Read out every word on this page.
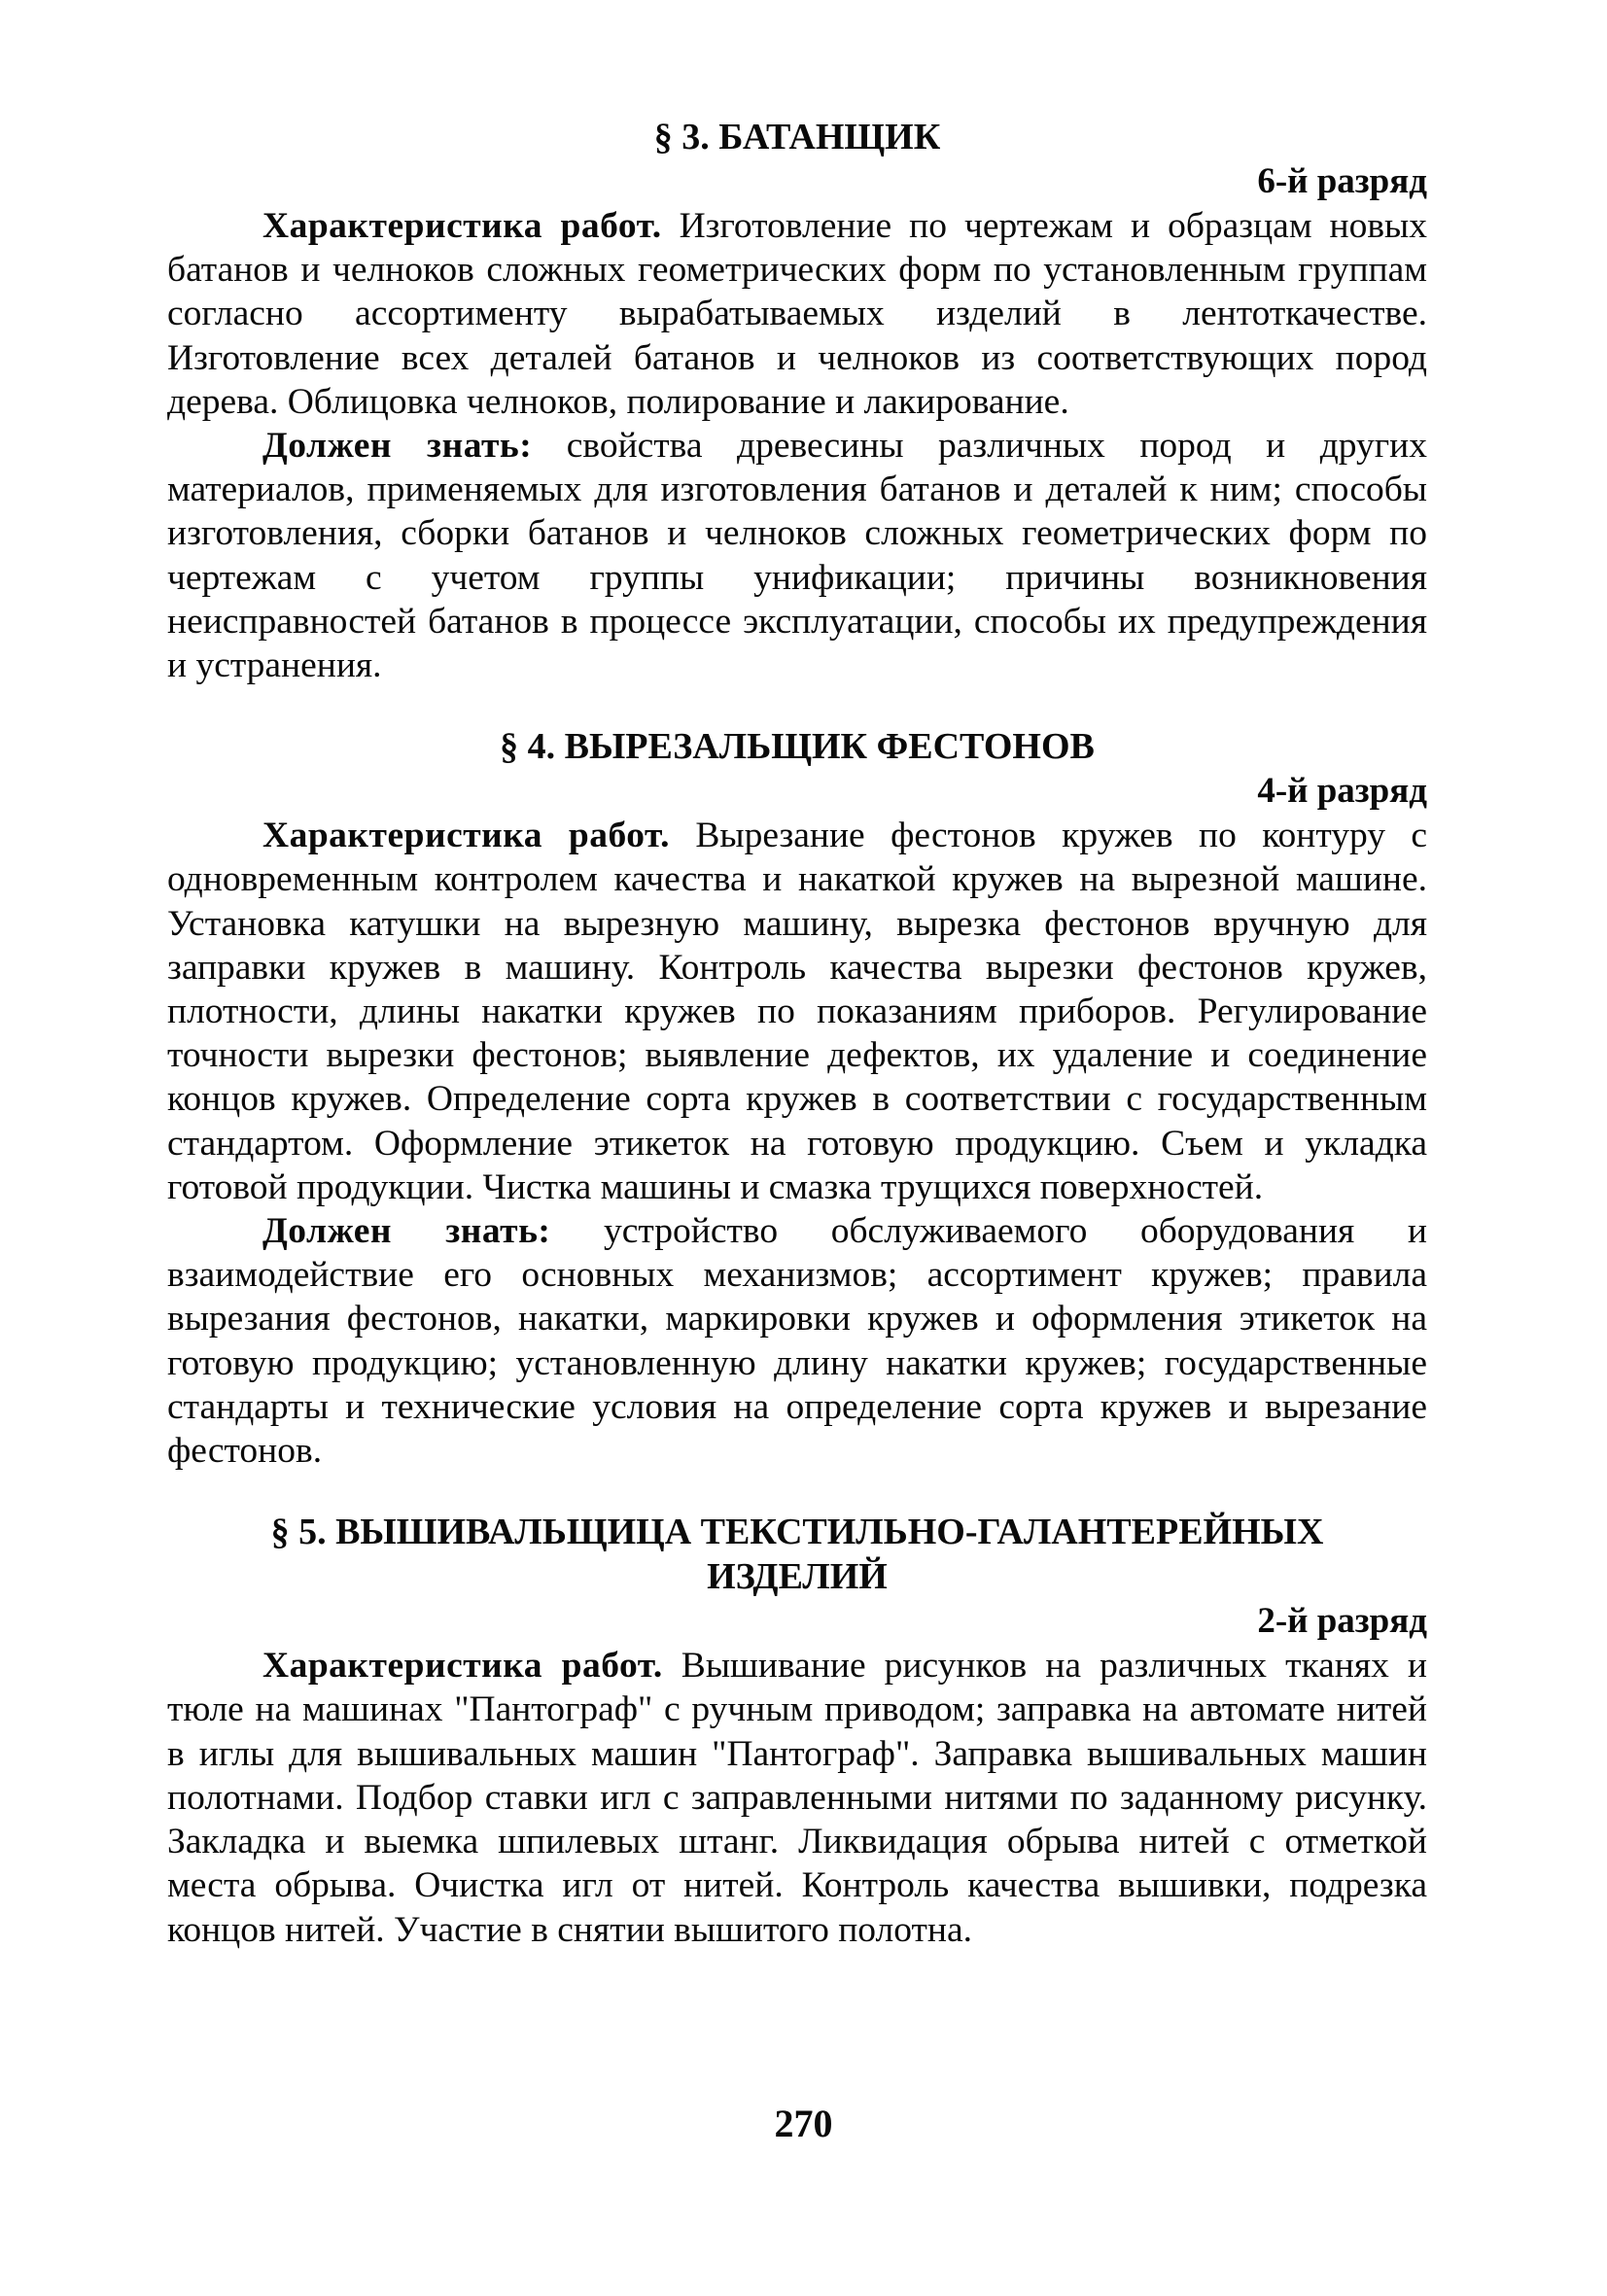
§ 3. БАТАНЩИК
6-й разряд

Характеристика работ. Изготовление по чертежам и образцам новых батанов и челноков сложных геометрических форм по установленным группам согласно ассортименту вырабатываемых изделий в лентоткачестве. Изготовление всех деталей батанов и челноков из соответствующих пород дерева. Облицовка челноков, полирование и лакирование.

Должен знать: свойства древесины различных пород и других материалов, применяемых для изготовления батанов и деталей к ним; способы изготовления, сборки батанов и челноков сложных геометрических форм по чертежам с учетом группы унификации; причины возникновения неисправностей батанов в процессе эксплуатации, способы их предупреждения и устранения.

§ 4. ВЫРЕЗАЛЬЩИК ФЕСТОНОВ
4-й разряд

Характеристика работ. Вырезание фестонов кружев по контуру с одновременным контролем качества и накаткой кружев на вырезной машине. Установка катушки на вырезную машину, вырезка фестонов вручную для заправки кружев в машину. Контроль качества вырезки фестонов кружев, плотности, длины накатки кружев по показаниям приборов. Регулирование точности вырезки фестонов; выявление дефектов, их удаление и соединение концов кружев. Определение сорта кружев в соответствии с государственным стандартом. Оформление этикеток на готовую продукцию. Съем и укладка готовой продукции. Чистка машины и смазка трущихся поверхностей.

Должен знать: устройство обслуживаемого оборудования и взаимодействие его основных механизмов; ассортимент кружев; правила вырезания фестонов, накатки, маркировки кружев и оформления этикеток на готовую продукцию; установленную длину накатки кружев; государственные стандарты и технические условия на определение сорта кружев и вырезание фестонов.

§ 5. ВЫШИВАЛЬЩИЦА ТЕКСТИЛЬНО-ГАЛАНТЕРЕЙНЫХ ИЗДЕЛИЙ
2-й разряд

Характеристика работ. Вышивание рисунков на различных тканях и тюле на машинах "Пантограф" с ручным приводом; заправка на автомате нитей в иглы для вышивальных машин "Пантограф". Заправка вышивальных машин полотнами. Подбор ставки игл с заправленными нитями по заданному рисунку. Закладка и выемка шпилевых штанг. Ликвидация обрыва нитей с отметкой места обрыва. Очистка игл от нитей. Контроль качества вышивки, подрезка концов нитей. Участие в снятии вышитого полотна.

270
